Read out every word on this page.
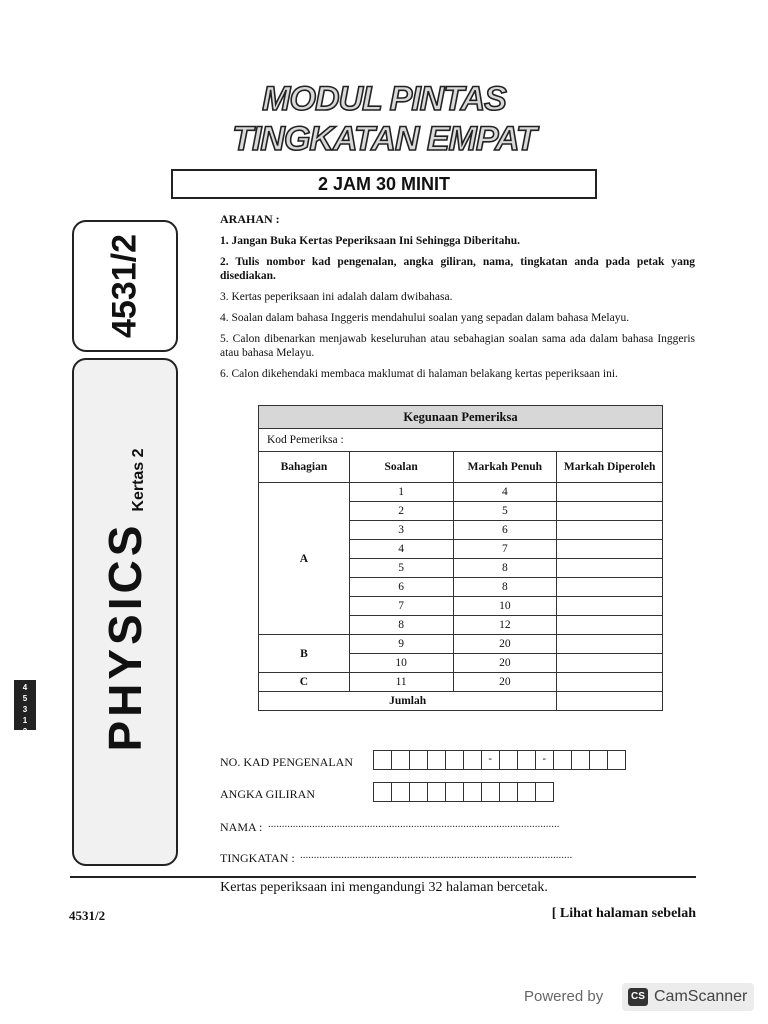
MODUL PINTAS
TINGKATAN EMPAT
2 JAM 30 MINIT
4531/2
PHYSICS
Kertas 2
4
5
3
1
2
ARAHAN :
1. Jangan Buka Kertas Peperiksaan Ini Sehingga Diberitahu.
2. Tulis nombor kad pengenalan, angka giliran, nama, tingkatan anda pada petak yang disediakan.
3. Kertas peperiksaan ini adalah dalam dwibahasa.
4. Soalan dalam bahasa Inggeris mendahului soalan yang sepadan dalam bahasa Melayu.
5. Calon dibenarkan menjawab keseluruhan atau sebahagian soalan sama ada dalam bahasa Inggeris atau bahasa Melayu.
6. Calon dikehendaki membaca maklumat di halaman belakang kertas peperiksaan ini.
Kegunaan Pemeriksa			
Kod Pemeriksa :			
Bahagian	Soalan	Markah Penuh	Markah Diperoleh
A	1	4	
	2	5	
	3	6	
	4	7	
	5	8	
	6	8	
	7	10	
	8	12	
B	9	20	
	10	20	
C	11	20	
Jumlah			
NO. KAD PENGENALAN	-	-
ANGKA GILIRAN
NAMA : ..........................................................................................................
TINGKATAN : ...................................................................................................
Kertas peperiksaan ini mengandungi 32 halaman bercetak.
4531/2	[ Lihat halaman sebelah
Powered by	CS CamScanner
